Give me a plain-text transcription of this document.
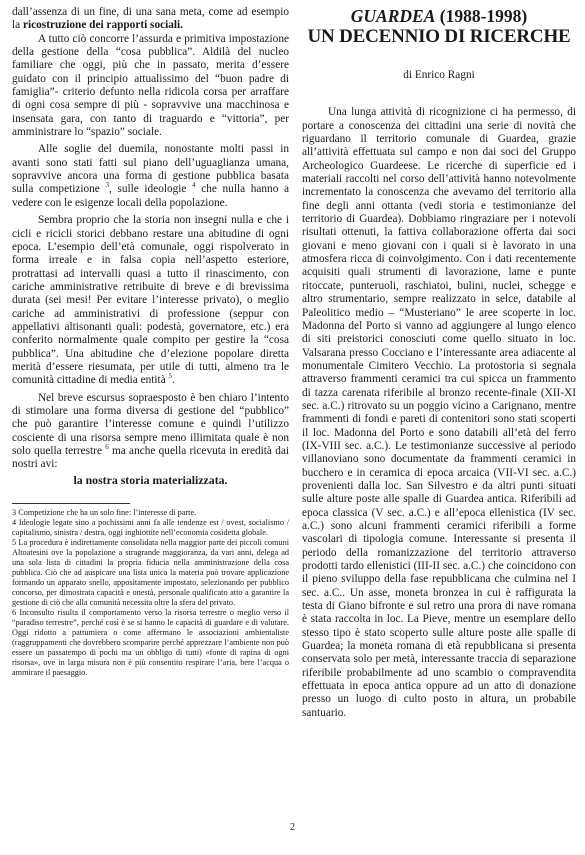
dall’assenza di un fine, di una sana meta, come ad esempio la ricostruzione dei rapporti sociali.

A tutto ciò concorre l’assurda e primitiva impostazione della gestione della “cosa pubblica”. Aldilà del nucleo familiare che oggi, più che in passato, merita d’essere guidato con il principio attualissimo del “buon padre di famiglia”- criterio defunto nella ridicola corsa per arraffare di ogni cosa sempre di più - sopravvive una macchinosa e insensata gara, con tanto di traguardo e “vittoria”, per amministrare lo “spazio” sociale.

Alle soglie del duemila, nonostante molti passi in avanti sono stati fatti sul piano dell’uguaglianza umana, sopravvive ancora una forma di gestione pubblica basata sulla competizione $^3$, sulle ideologie $^4$ che nulla hanno a vedere con le esigenze locali della popolazione.

Sembra proprio che la storia non insegni nulla e che i cicli e ricicli storici debbano restare una abitudine di ogni epoca. L’esempio dell’età comunale, oggi rispolverato in forma irreale e in falsa copia nell’aspetto esteriore, protrattasi ad intervalli quasi a tutto il rinascimento, con cariche amministrative retribuite di breve e di brevissima durata (sei mesi! Per evitare l’interesse privato), o meglio cariche ad amministrativi di professione (seppur con appellativi altisonanti quali: podestà, governatore, etc.) era conferito normalmente quale compito per gestire la “cosa pubblica”. Una abitudine che d’elezione popolare diretta merità d’essere riesumata, per utile di tutti, almeno tra le comunità cittadine di media entità $^5$.

Nel breve escursus sopraesposto è ben chiaro l’intento di stimolare una forma diversa di gestione del “pubblico” che può garantire l’interesse comune e quindi l’utilizzo cosciente di una risorsa sempre meno illimitata quale è non solo quella terrestre $^6$ ma anche quella ricevuta in eredità dai nostri avi:

la nostra storia materializzata.

3 Competizione che ha un solo fine: l’interesse di parte.

4 Ideologie legate sino a pochissimi anni fa alle tendenze est / ovest, socialismo / capitalismo, sinistra / destra, oggi inghiottite nell’economia cosidetta globale.

5 La procedura è indirettamente consolidata nella maggior parte dei piccoli comuni Altoatesini ove la popolazione a stragrande maggioranza, da vari anni, delega ad una sola lista di cittadini la propria fiducia nella amministrazione della cosa pubblica. Ciò che ad auspicare una lista unica la materia può trovare applicazione formando un apparato snello, appositamente impostato, selezionando per pubblico concorso, per dimostrata capacità e onestà, personale qualificato atto a garantire la gestione di ciò che alla comunità necessita oltre la sfera del privato.

6 Inconsulto risulta il comportamento verso la risorsa terrestre o meglio verso il “paradiso terrestre”, perché così è se si hanno le capacità di guardare e di valutare. Oggi ridotto a pattumiera o come affermano le associazioni ambientaliste (raggruppamenti che dovrebbero scomparire perché apprezzare l’ambiente non può essere un passatempo di pochi ma un obbligo di tutti) «fonte di rapina di ogni risorsa», ove in larga misura non è più consentito respirare l’aria, bere l’acqua o ammirare il paesaggio.

GUARDEA (1988-1998)
UN DECENNIO DI RICERCHE

di Enrico Ragni

Una lunga attività di ricognizione ci ha permesso, di portare a conoscenza dei cittadini una serie di novità che riguardano il territorio comunale di Guardea, grazie all’attività effettuata sul campo e non dai soci del Gruppo Archeologico Guardeese. Le ricerche di superficie ed i materiali raccolti nel corso dell’attività hanno notevolmente incrementato la conoscenza che avevamo del territorio alla fine degli anni ottanta (vedi storia e testimonianze del territorio di Guardea). Dobbiamo ringraziare per i notevoli risultati ottenuti, la fattiva collaborazione offerta dai soci giovani e meno giovani con i quali si è lavorato in una atmosfera ricca di coinvolgimento. Con i dati recentemente acquisiti quali strumenti di lavorazione, lame e punte ritoccate, punteruoli, raschiatoi, bulini, nuclei, schegge e altro strumentario, sempre realizzato in selce, databile al Paleolitico medio – “Musteriano” le aree scoperte in loc. Madonna del Porto si vanno ad aggiungere al lungo elenco di siti preistorici conosciuti come quello situato in loc. Valsarana presso Cocciano e l’interessante area adiacente al monumentale Cimitero Vecchio. La protostoria si segnala attraverso frammenti ceramici tra cui spicca un frammento di tazza carenata riferibile al bronzo recente-finale (XII-XI sec. a.C.) ritrovato su un poggio vicino a Carignano, mentre frammenti di fondi e pareti di contenitori sono stati scoperti il loc. Madonna del Porto e sono databili all’età del ferro (IX-VIII sec. a.C.). Le testimonianze successive al periodo villanoviano sono documentate da frammenti ceramici in bucchero e in ceramica di epoca arcaica (VII-VI sec. a.C.) provenienti dalla loc. San Silvestro e da altri punti situati sulle alture poste alle spalle di Guardea antica. Riferibili ad epoca classica (V sec. a.C.) e all’epoca ellenistica (IV sec. a.C.) sono alcuni frammenti ceramici riferibili a forme vascolari di tipologia comune. Interessante si presenta il periodo della romanizzazione del territorio attraverso prodotti tardo ellenistici (III-II sec. a.C.) che coincidono con il pieno sviluppo della fase repubblicana che culmina nel I sec. a.C.. Un asse, moneta bronzea in cui è raffigurata la testa di Giano bifronte e sul retro una prora di nave romana è stata raccolta in loc. La Pieve, mentre un esemplare dello stesso tipo è stato scoperto sulle alture poste alle spalle di Guardea; la moneta romana di età repubblicana si presenta conservata solo per metà, interessante traccia di separazione riferibile probabilmente ad uno scambio o compravendita effettuata in epoca antica oppure ad un atto di donazione presso un luogo di culto posto in altura, un probabile santuario.

2
